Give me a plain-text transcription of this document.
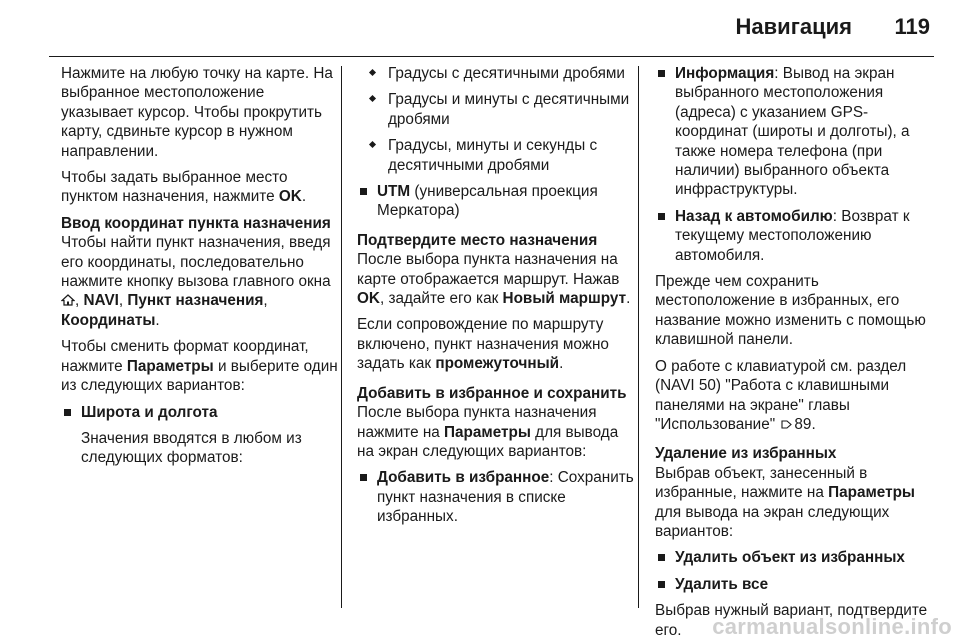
Навигация 119

Нажмите на любую точку на карте. На выбранное местоположение указывает курсор. Чтобы прокрутить карту, сдвиньте курсор в нужном направлении.

Чтобы задать выбранное место пунктом назначения, нажмите OK.

Ввод координат пункта назначения
Чтобы найти пункт назначения, введя его координаты, последовательно нажмите кнопку вызова главного окна , NAVI, Пункт назначения, Координаты.

Чтобы сменить формат координат, нажмите Параметры и выберите один из следующих вариантов:

Широта и долгота
Значения вводятся в любом из следующих форматов:
Градусы с десятичными дробями
Градусы и минуты с десятичными дробями
Градусы, минуты и секунды с десятичными дробями
UTM (универсальная проекция Меркатора)

Подтвердите место назначения
После выбора пункта назначения на карте отображается маршрут. Нажав OK, задайте его как Новый маршрут.

Если сопровождение по маршруту включено, пункт назначения можно задать как промежуточный.

Добавить в избранное и сохранить
После выбора пункта назначения нажмите на Параметры для вывода на экран следующих вариантов:

Добавить в избранное: Сохранить пункт назначения в списке избранных.
Информация: Вывод на экран выбранного местоположения (адреса) с указанием GPS-координат (широты и долготы), а также номера телефона (при наличии) выбранного объекта инфраструктуры.
Назад к автомобилю: Возврат к текущему местоположению автомобиля.

Прежде чем сохранить местоположение в избранных, его название можно изменить с помощью клавишной панели.

О работе с клавиатурой см. раздел (NAVI 50) "Работа с клавишными панелями на экране" главы "Использование" 89.

Удаление из избранных
Выбрав объект, занесенный в избранные, нажмите на Параметры для вывода на экран следующих вариантов:

Удалить объект из избранных
Удалить все

Выбрав нужный вариант, подтвердите его.	carmanualsonline.info
